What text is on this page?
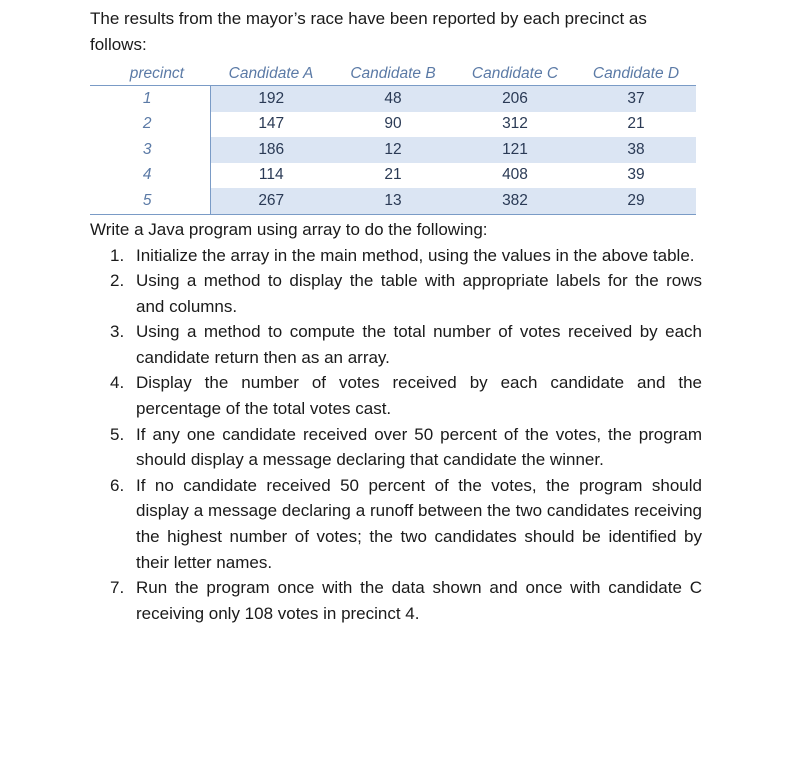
The results from the mayor’s race have been reported by each precinct as follows:

precinct	Candidate A	Candidate B	Candidate C	Candidate D
1	192	48	206	37
2	147	90	312	21
3	186	12	121	38
4	114	21	408	39
5	267	13	382	29

Write a Java program using array to do the following:

1. Initialize the array in the main method, using the values in the above table.
2. Using a method to display the table with appropriate labels for the rows and columns.
3. Using a method to compute the total number of votes received by each candidate return then as an array.
4. Display the number of votes received by each candidate and the percentage of the total votes cast.
5. If any one candidate received over 50 percent of the votes, the program should display a message declaring that candidate the winner.
6. If no candidate received 50 percent of the votes, the program should display a message declaring a runoff between the two candidates receiving the highest number of votes; the two candidates should be identified by their letter names.
7. Run the program once with the data shown and once with candidate C receiving only 108 votes in precinct 4.
